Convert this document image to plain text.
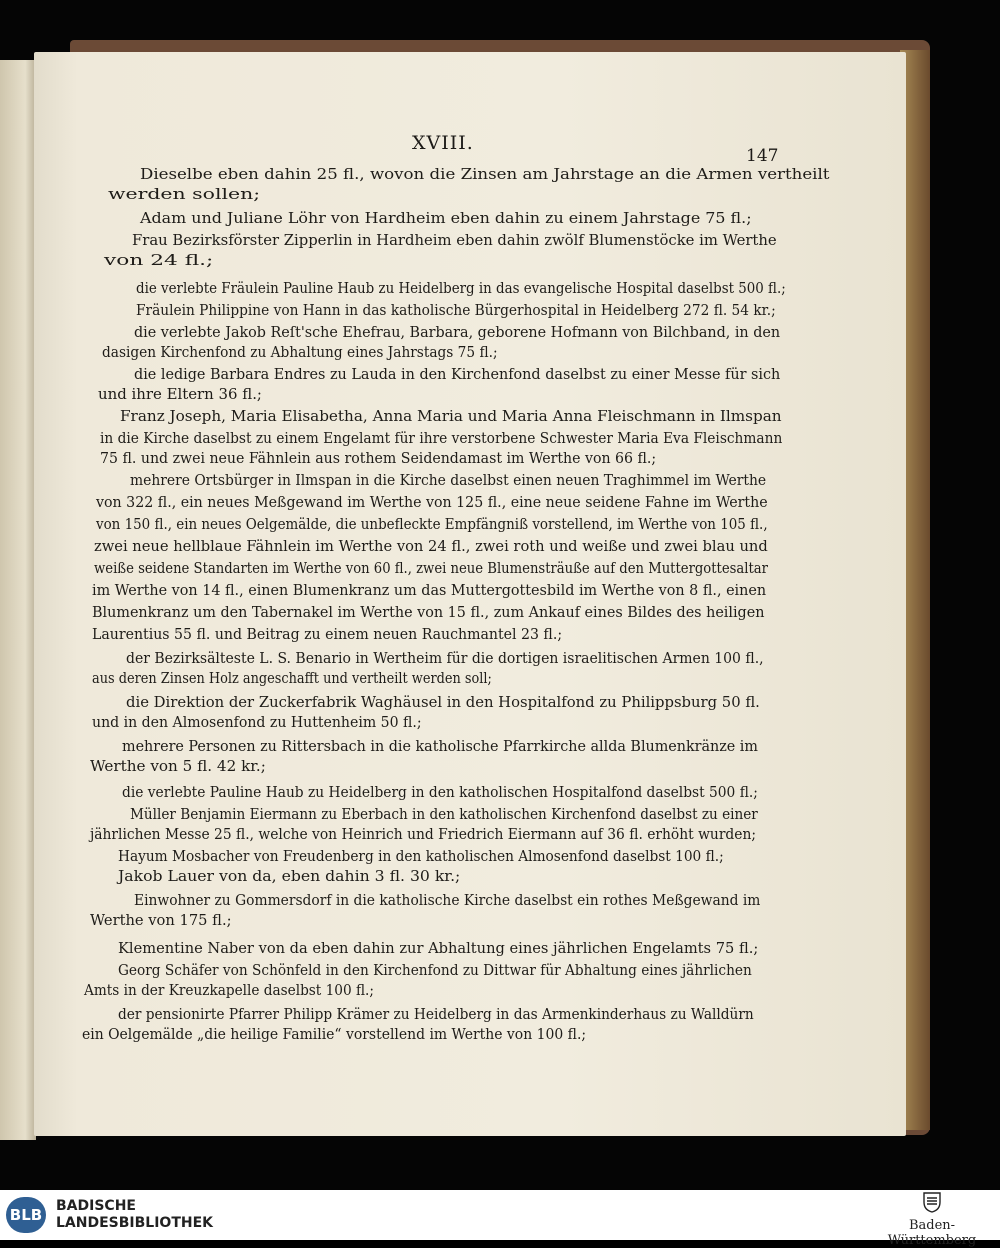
XVIII.
147
Dieselbe eben dahin 25 fl., wovon die Zinsen am Jahrstage an die Armen vertheilt
werden sollen;
Adam und Juliane Löhr von Hardheim eben dahin zu einem Jahrstage 75 fl.;
Frau Bezirksförster Zipperlin in Hardheim eben dahin zwölf Blumenstöcke im Werthe
von 24 fl.;
die verlebte Fräulein Pauline Haub zu Heidelberg in das evangelische Hospital daselbst 500 fl.;
Fräulein Philippine von Hann in das katholische Bürgerhospital in Heidelberg 272 fl. 54 kr.;
die verlebte Jakob Reſt'sche Ehefrau, Barbara, geborene Hofmann von Bilchband, in den
dasigen Kirchenfond zu Abhaltung eines Jahrstags 75 fl.;
die ledige Barbara Endres zu Lauda in den Kirchenfond daselbst zu einer Messe für sich
und ihre Eltern 36 fl.;
Franz Joseph, Maria Elisabetha, Anna Maria und Maria Anna Fleischmann in Ilmspan
in die Kirche daselbst zu einem Engelamt für ihre verstorbene Schwester Maria Eva Fleischmann
75 fl. und zwei neue Fähnlein aus rothem Seidendamast im Werthe von 66 fl.;
mehrere Ortsbürger in Ilmspan in die Kirche daselbst einen neuen Traghimmel im Werthe
von 322 fl., ein neues Meßgewand im Werthe von 125 fl., eine neue seidene Fahne im Werthe
von 150 fl., ein neues Oelgemälde, die unbefleckte Empfängniß vorstellend, im Werthe von 105 fl.,
zwei neue hellblaue Fähnlein im Werthe von 24 fl., zwei roth und weiße und zwei blau und
weiße seidene Standarten im Werthe von 60 fl., zwei neue Blumensträuße auf den Muttergottesaltar
im Werthe von 14 fl., einen Blumenkranz um das Muttergottesbild im Werthe von 8 fl., einen
Blumenkranz um den Tabernakel im Werthe von 15 fl., zum Ankauf eines Bildes des heiligen
Laurentius 55 fl. und Beitrag zu einem neuen Rauchmantel 23 fl.;
der Bezirksälteste L. S. Benario in Wertheim für die dortigen israelitischen Armen 100 fl.,
aus deren Zinsen Holz angeschafft und vertheilt werden soll;
die Direktion der Zuckerfabrik Waghäusel in den Hospitalfond zu Philippsburg 50 fl.
und in den Almosenfond zu Huttenheim 50 fl.;
mehrere Personen zu Rittersbach in die katholische Pfarrkirche allda Blumenkränze im
Werthe von 5 fl. 42 kr.;
die verlebte Pauline Haub zu Heidelberg in den katholischen Hospitalfond daselbst 500 fl.;
Müller Benjamin Eiermann zu Eberbach in den katholischen Kirchenfond daselbst zu einer
jährlichen Messe 25 fl., welche von Heinrich und Friedrich Eiermann auf 36 fl. erhöht wurden;
Hayum Mosbacher von Freudenberg in den katholischen Almosenfond daselbst 100 fl.;
Jakob Lauer von da, eben dahin 3 fl. 30 kr.;
Einwohner zu Gommersdorf in die katholische Kirche daselbst ein rothes Meßgewand im
Werthe von 175 fl.;
Klementine Naber von da eben dahin zur Abhaltung eines jährlichen Engelamts 75 fl.;
Georg Schäfer von Schönfeld in den Kirchenfond zu Dittwar für Abhaltung eines jährlichen
Amts in der Kreuzkapelle daselbst 100 fl.;
der pensionirte Pfarrer Philipp Krämer zu Heidelberg in das Armenkinderhaus zu Walldürn
ein Oelgemälde „die heilige Familie“ vorstellend im Werthe von 100 fl.;
BLB BADISCHE
LANDESBIBLIOTHEK	Baden-Württemberg
